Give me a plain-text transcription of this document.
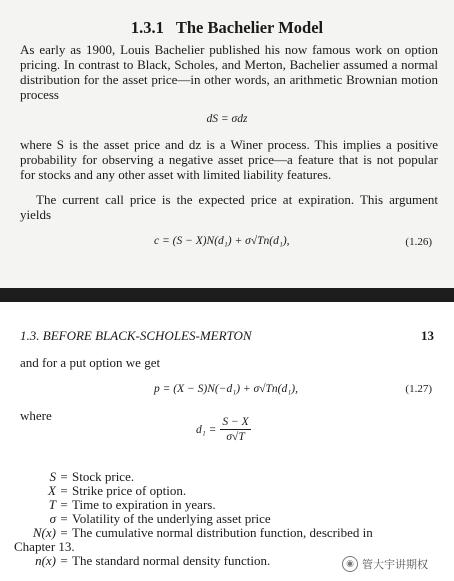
1.3.1 The Bachelier Model
As early as 1900, Louis Bachelier published his now famous work on option pricing. In contrast to Black, Scholes, and Merton, Bachelier assumed a normal distribution for the asset price—in other words, an arithmetic Brownian motion process
dS = σdz
where S is the asset price and dz is a Winer process. This implies a positive probability for observing a negative asset price—a feature that is not popular for stocks and any other asset with limited liability features.
The current call price is the expected price at expiration. This argument yields
c = (S − X)N(d₁) + σ√Tn(d₁),	(1.26)
1.3. BEFORE BLACK-SCHOLES-MERTON	13
and for a put option we get
p = (X − S)N(−d₁) + σ√Tn(d₁),	(1.27)
where
$d_1 = \frac{S - X}{\sigma√T}$
S = Stock price.
X = Strike price of option.
T = Time to expiration in years.
σ = Volatility of the underlying asset price
N(x) = The cumulative normal distribution function, described in
Chapter 13.
n(x) = The standard normal density function.	◉ 管大宇讲期权
